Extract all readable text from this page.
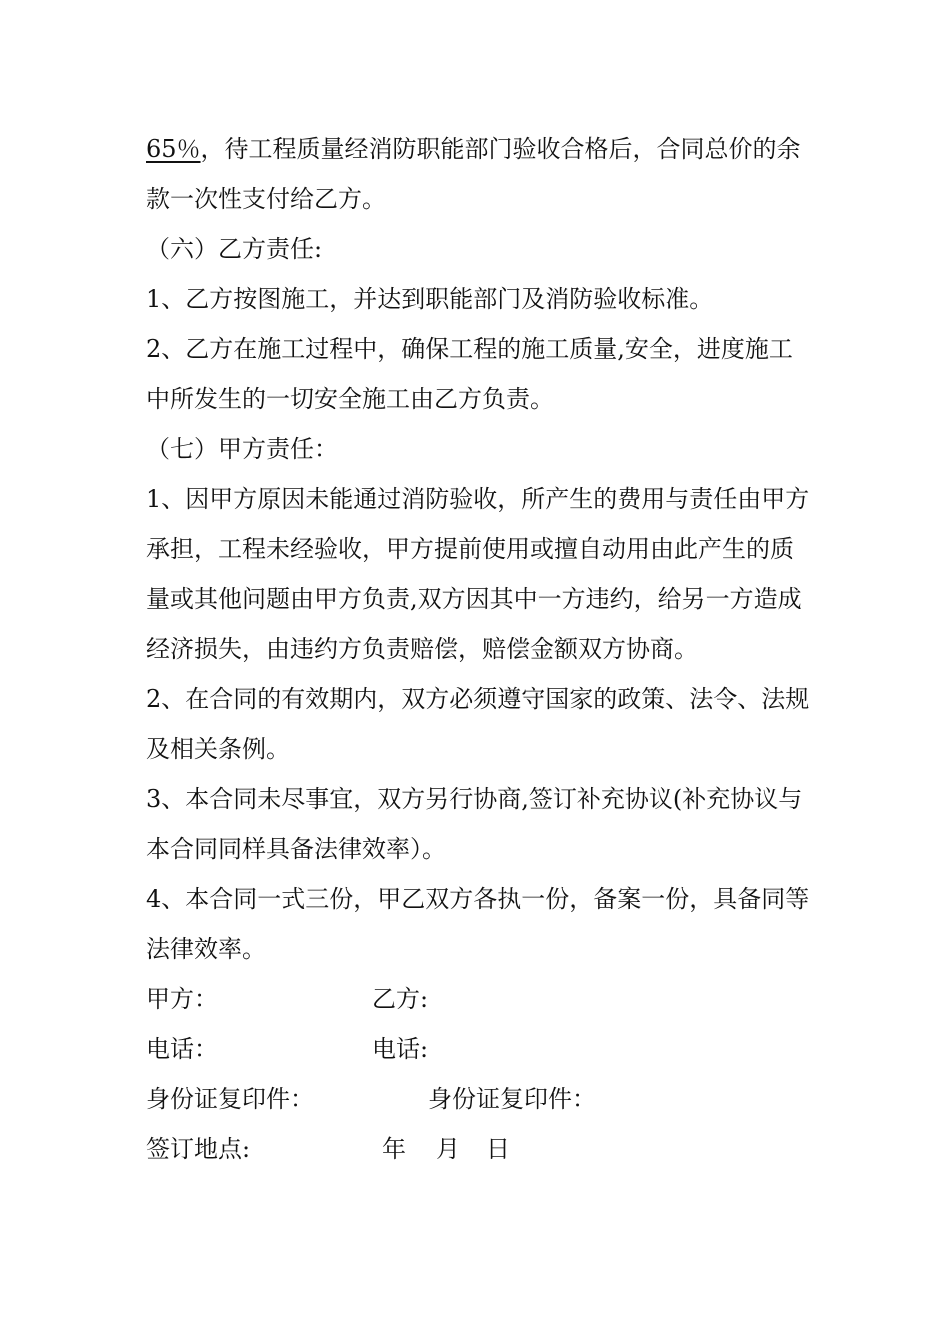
65％，待工程质量经消防职能部门验收合格后，合同总价的余款一次性支付给乙方。

（六）乙方责任:

1、乙方按图施工，并达到职能部门及消防验收标准。

2、乙方在施工过程中，确保工程的施工质量,安全，进度施工中所发生的一切安全施工由乙方负责。

（七）甲方责任：

1、因甲方原因未能通过消防验收，所产生的费用与责任由甲方承担，工程未经验收，甲方提前使用或擅自动用由此产生的质量或其他问题由甲方负责,双方因其中一方违约，给另一方造成经济损失，由违约方负责赔偿，赔偿金额双方协商。

2、在合同的有效期内，双方必须遵守国家的政策、法令、法规及相关条例。

3、本合同未尽事宜，双方另行协商,签订补充协议(补充协议与本合同同样具备法律效率）。

4、本合同一式三份，甲乙双方各执一份，备案一份，具备同等法律效率。

甲方：	乙方:
电话：	电话:
身份证复印件：	身份证复印件：
签订地点:	年 月 日
